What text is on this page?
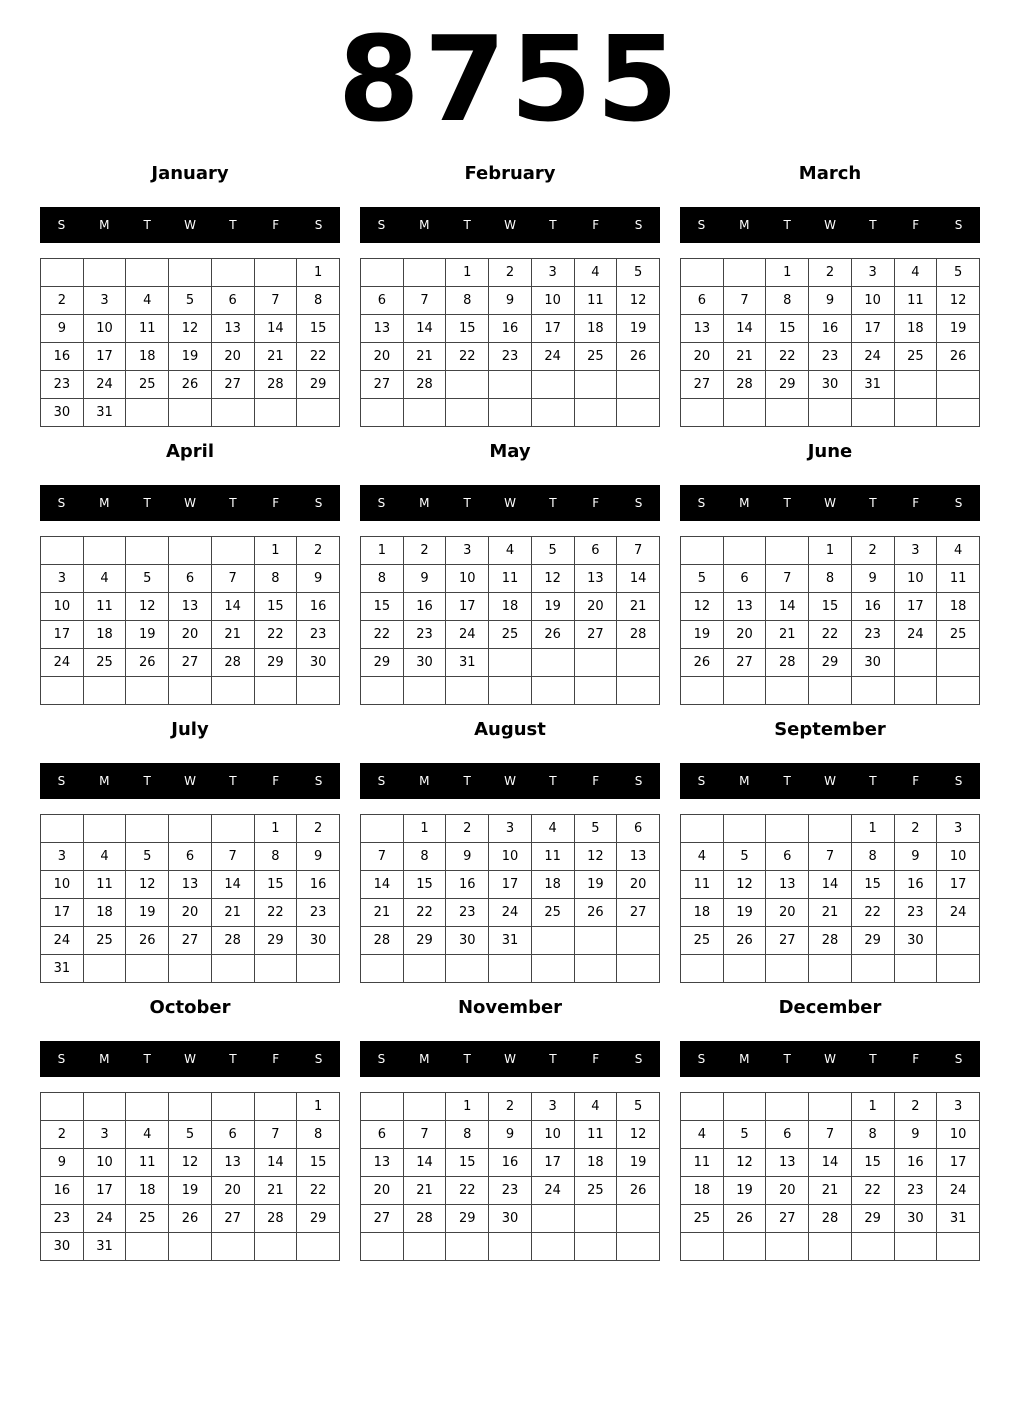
8755
January
S	M	T	W	T	F	S
						1
2	3	4	5	6	7	8
9	10	11	12	13	14	15
16	17	18	19	20	21	22
23	24	25	26	27	28	29
30	31					
February
S	M	T	W	T	F	S
		1	2	3	4	5
6	7	8	9	10	11	12
13	14	15	16	17	18	19
20	21	22	23	24	25	26
27	28					

March
S	M	T	W	T	F	S
		1	2	3	4	5
6	7	8	9	10	11	12
13	14	15	16	17	18	19
20	21	22	23	24	25	26
27	28	29	30	31		

April
S	M	T	W	T	F	S
					1	2
3	4	5	6	7	8	9
10	11	12	13	14	15	16
17	18	19	20	21	22	23
24	25	26	27	28	29	30

May
S	M	T	W	T	F	S
1	2	3	4	5	6	7
8	9	10	11	12	13	14
15	16	17	18	19	20	21
22	23	24	25	26	27	28
29	30	31				

June
S	M	T	W	T	F	S
			1	2	3	4
5	6	7	8	9	10	11
12	13	14	15	16	17	18
19	20	21	22	23	24	25
26	27	28	29	30		

July
S	M	T	W	T	F	S
					1	2
3	4	5	6	7	8	9
10	11	12	13	14	15	16
17	18	19	20	21	22	23
24	25	26	27	28	29	30
31						
August
S	M	T	W	T	F	S
	1	2	3	4	5	6
7	8	9	10	11	12	13
14	15	16	17	18	19	20
21	22	23	24	25	26	27
28	29	30	31			

September
S	M	T	W	T	F	S
				1	2	3
4	5	6	7	8	9	10
11	12	13	14	15	16	17
18	19	20	21	22	23	24
25	26	27	28	29	30	

October
S	M	T	W	T	F	S
						1
2	3	4	5	6	7	8
9	10	11	12	13	14	15
16	17	18	19	20	21	22
23	24	25	26	27	28	29
30	31					
November
S	M	T	W	T	F	S
		1	2	3	4	5
6	7	8	9	10	11	12
13	14	15	16	17	18	19
20	21	22	23	24	25	26
27	28	29	30			

December
S	M	T	W	T	F	S
				1	2	3
4	5	6	7	8	9	10
11	12	13	14	15	16	17
18	19	20	21	22	23	24
25	26	27	28	29	30	31
